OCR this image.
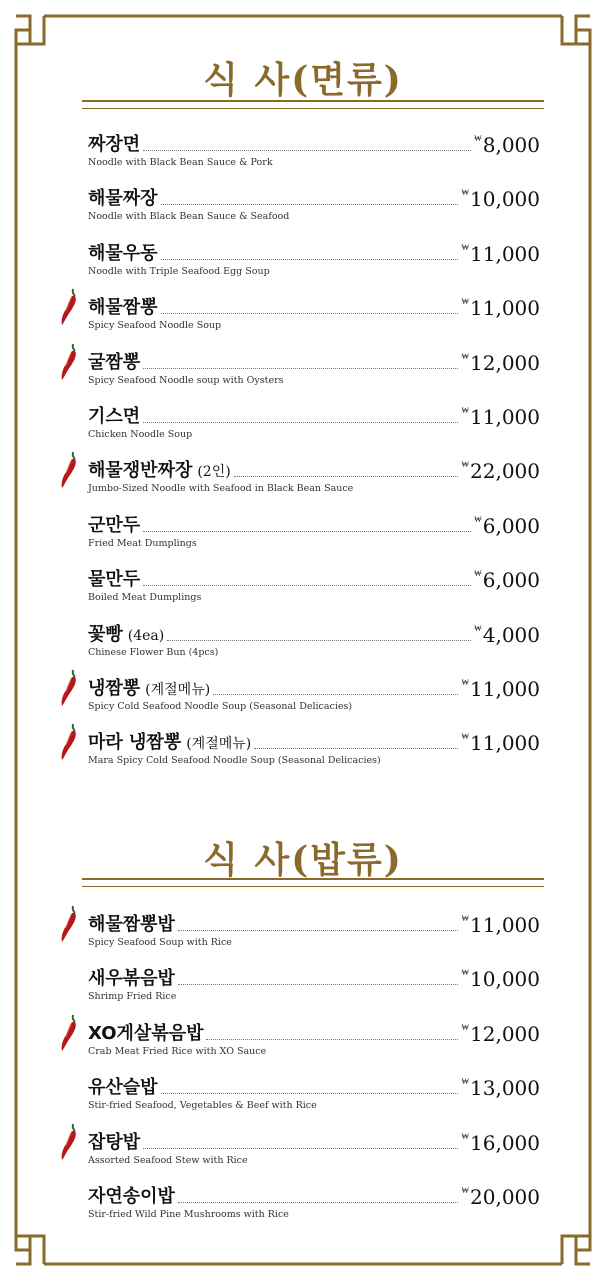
식 사(면류)
짜장면	₩ 8,000
Noodle with Black Bean Sauce & Pork
해물짜장	₩ 10,000
Noodle with Black Bean Sauce & Seafood
해물우동	₩ 11,000
Noodle with Triple Seafood Egg Soup
해물짬뽕	₩ 11,000
Spicy Seafood Noodle Soup
굴짬뽕	₩ 12,000
Spicy Seafood Noodle soup with Oysters
기스면	₩ 11,000
Chicken Noodle Soup
해물쟁반짜장 (2인)	₩ 22,000
Jumbo-Sized Noodle with Seafood in Black Bean Sauce
군만두	₩ 6,000
Fried Meat Dumplings
물만두	₩ 6,000
Boiled Meat Dumplings
꽃빵 (4ea)	₩ 4,000
Chinese Flower Bun (4pcs)
냉짬뽕 (계절메뉴)	₩ 11,000
Spicy Cold Seafood Noodle Soup (Seasonal Delicacies)
마라 냉짬뽕 (계절메뉴)	₩ 11,000
Mara Spicy Cold Seafood Noodle Soup (Seasonal Delicacies)
식 사(밥류)
해물짬뽕밥	₩ 11,000
Spicy Seafood Soup with Rice
새우볶음밥	₩ 10,000
Shrimp Fried Rice
XO게살볶음밥	₩ 12,000
Crab Meat Fried Rice with XO Sauce
유산슬밥	₩ 13,000
Stir-fried Seafood, Vegetables & Beef with Rice
잡탕밥	₩ 16,000
Assorted Seafood Stew with Rice
자연송이밥	₩ 20,000
Stir-fried Wild Pine Mushrooms with Rice
